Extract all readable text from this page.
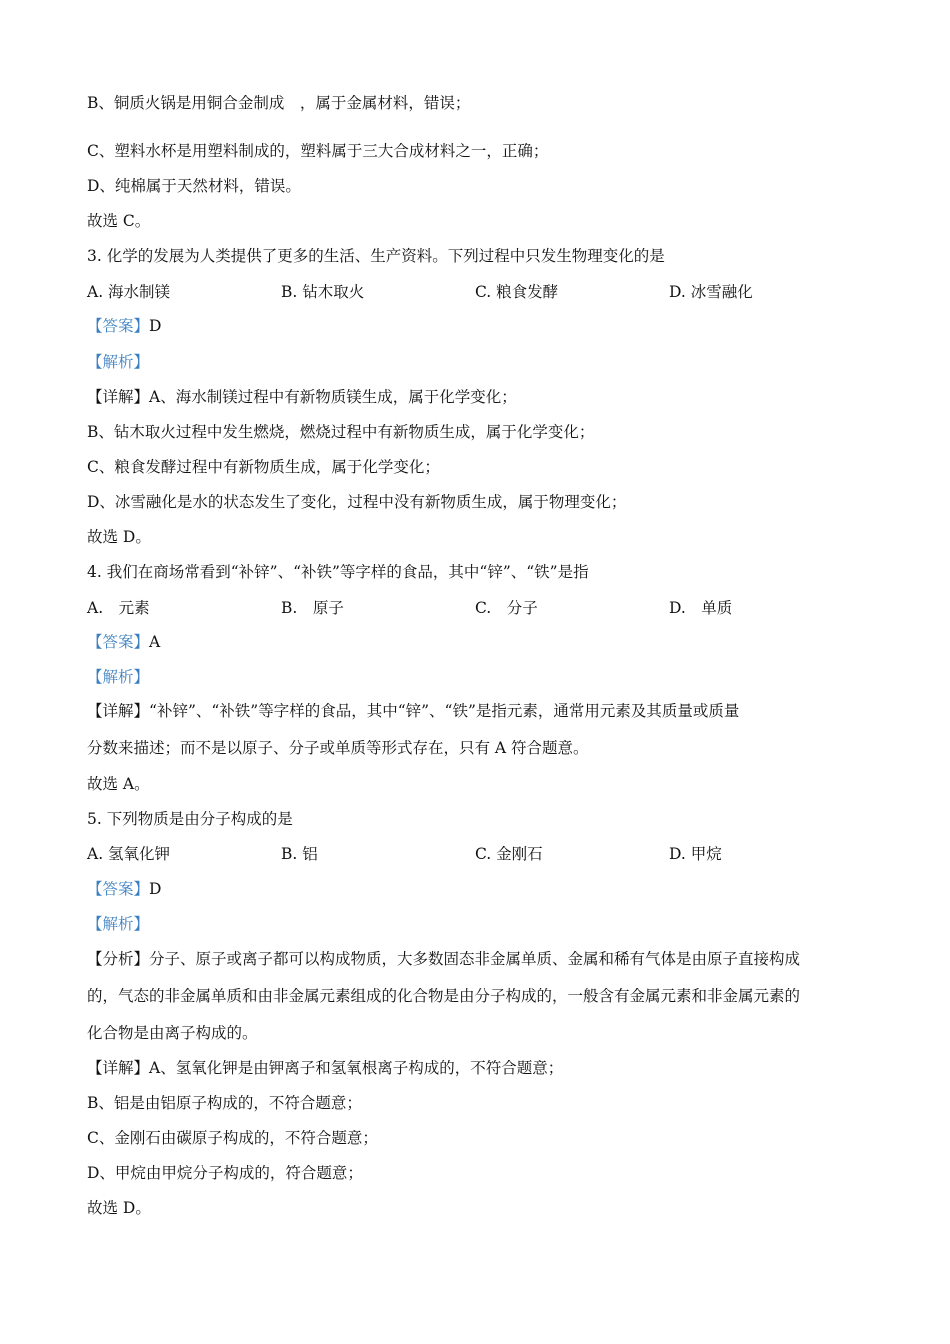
B、铜质火锅是用铜合金制成　，属于金属材料，错误；
C、塑料水杯是用塑料制成的，塑料属于三大合成材料之一，正确；
D、纯棉属于天然材料，错误。
故选 C。
3. 化学的发展为人类提供了更多的生活、生产资料。下列过程中只发生物理变化的是
A. 海水制镁	B. 钻木取火	C. 粮食发酵	D. 冰雪融化
【答案】D
【解析】
【详解】A、海水制镁过程中有新物质镁生成，属于化学变化；
B、钻木取火过程中发生燃烧，燃烧过程中有新物质生成，属于化学变化；
C、粮食发酵过程中有新物质生成，属于化学变化；
D、冰雪融化是水的状态发生了变化，过程中没有新物质生成，属于物理变化；
故选 D。
4. 我们在商场常看到“补锌”、“补铁”等字样的食品，其中“锌”、“铁”是指
A.　元素	B.　原子	C.　分子	D.　单质
【答案】A
【解析】
【详解】“补锌”、“补铁”等字样的食品，其中“锌”、“铁”是指元素，通常用元素及其质量或质量
分数来描述；而不是以原子、分子或单质等形式存在，只有 A 符合题意。
故选 A。
5. 下列物质是由分子构成的是
A. 氢氧化钾	B. 铝	C. 金刚石	D. 甲烷
【答案】D
【解析】
【分析】分子、原子或离子都可以构成物质，大多数固态非金属单质、金属和稀有气体是由原子直接构成
的，气态的非金属单质和由非金属元素组成的化合物是由分子构成的，一般含有金属元素和非金属元素的
化合物是由离子构成的。
【详解】A、氢氧化钾是由钾离子和氢氧根离子构成的，不符合题意；
B、铝是由铝原子构成的，不符合题意；
C、金刚石由碳原子构成的，不符合题意；
D、甲烷由甲烷分子构成的，符合题意；
故选 D。
